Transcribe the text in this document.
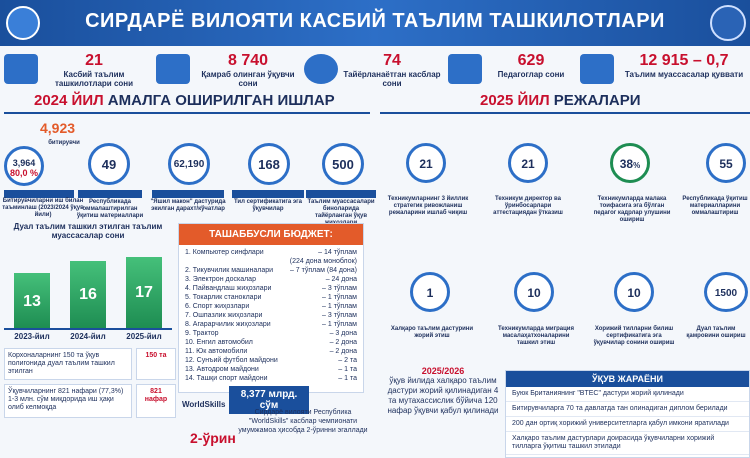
СИРДАРЁ ВИЛОЯТИ КАСБИЙ ТАЪЛИМ ТАШКИЛОТЛАРИ
21
Касбий таълим ташкилотлари сони
8 740
Қамраб олинган ўқувчи сони
74
Тайёрланаётган касблар сони
629
Педагоглар сони
12 915 – 0,7
Таълим муассасалар қуввати
2024 ЙИЛ АМАЛГА ОШИРИЛГАН ИШЛАР	2025 ЙИЛ РЕЖАЛАРИ
4,923
битирувчи
3,964
80,0 %
Битирувчиларни иш билан таъминлаш (2023/2024 ўқув йили)
49
Республикада оммалаштирилган ўқитиш материаллари
62,190
"Яшил макон" дастурида экилган дарахт/кўчатлар
168
Тил сертификатига эга ўқувчилар
500
Таълим муассасалари биноларида тайёрланган ўқув
Дуал таълим ташкил этилган таълим муассасалар сони
13	16	17
2023-йил	2024-йил	2025-йил
ТАШАББУСЛИ БЮДЖЕТ:
1. Компьютер синфлари	– 14 тўплам
(224 дона моноблок)
2. Тикувчилик машиналари – 7 тўплам (84 дона)
3. Электрон доскалар	– 24 дона
4. Пайвандлаш жиҳозлари	– 3 тўплам
5. Токарлик станоклари	– 1 тўплам
6. Спорт жиҳозлари	– 1 тўплам
7. Ошпазлик жиҳозлари	– 3 тўплам
8. Агарарчилик жиҳозлари	– 1 тўплам
9. Трактор	– 3 дона
10. Енгил автомобил	– 2 дона
11. Юк автомобили	– 2 дона
12. Сунъий футбол майдони	– 2 та
13. Автодром майдони	– 1 та
14. Ташқи спорт майдони	– 1 та
8,377 млрд. сўм
Корхоналарнинг 150 та ўқув полигонида дуал таълим ташкил этилган
150 та
Ўқувчиларнинг 821 нафари (77,3%) 1-3 млн. сўм миқдорида иш ҳақи олиб келмоқда
821 нафар
WorldSkills
2-ўрин
Сирдарё вилояти Республика "WorldSkills" касблар чемпионати умумжамоа ҳисобда 2-ўринни эгаллади
21
Техникумларнинг 3 йиллик стратегик ривожланиш режаларини ишлаб чиқиш
21
Техникум директор ва ўринбосарлари аттестациядан ўтказиш
38%
Техникумларда малака тоифасига эга бўлган педагог кадрлар улушини ошириш
55
Республикада ўқитиш материалларини оммалаштириш
1
Халқаро таълим дастурини жорий этиш
10
Техникумларда миграция масалаҳатхоналарини ташкил этиш
10
Хорижий тилларни билиш сертификатига эга ўқувчилар сонини ошириш
1500
Дуал таълим қамровини ошириш
2025/2026
ўқув йилида халқаро таълим дастури жорий қилинадиган 4 та мутахассислик бўйича 120 нафар ўқувчи қабул қилинади
ЎҚУВ ЖАРАЁНИ
Буюк Британиянинг "BTEC" дастури жорий қилинади
Битирувчиларга 70 та давлатда тан олинадиган диплом берилади
200 дан ортиқ хорижий университетларга қабул имкони яратилади
Халқаро таълим дастурлари доирасида ўқувчиларни хорижий тилларга ўқитиш ташкил этилади
